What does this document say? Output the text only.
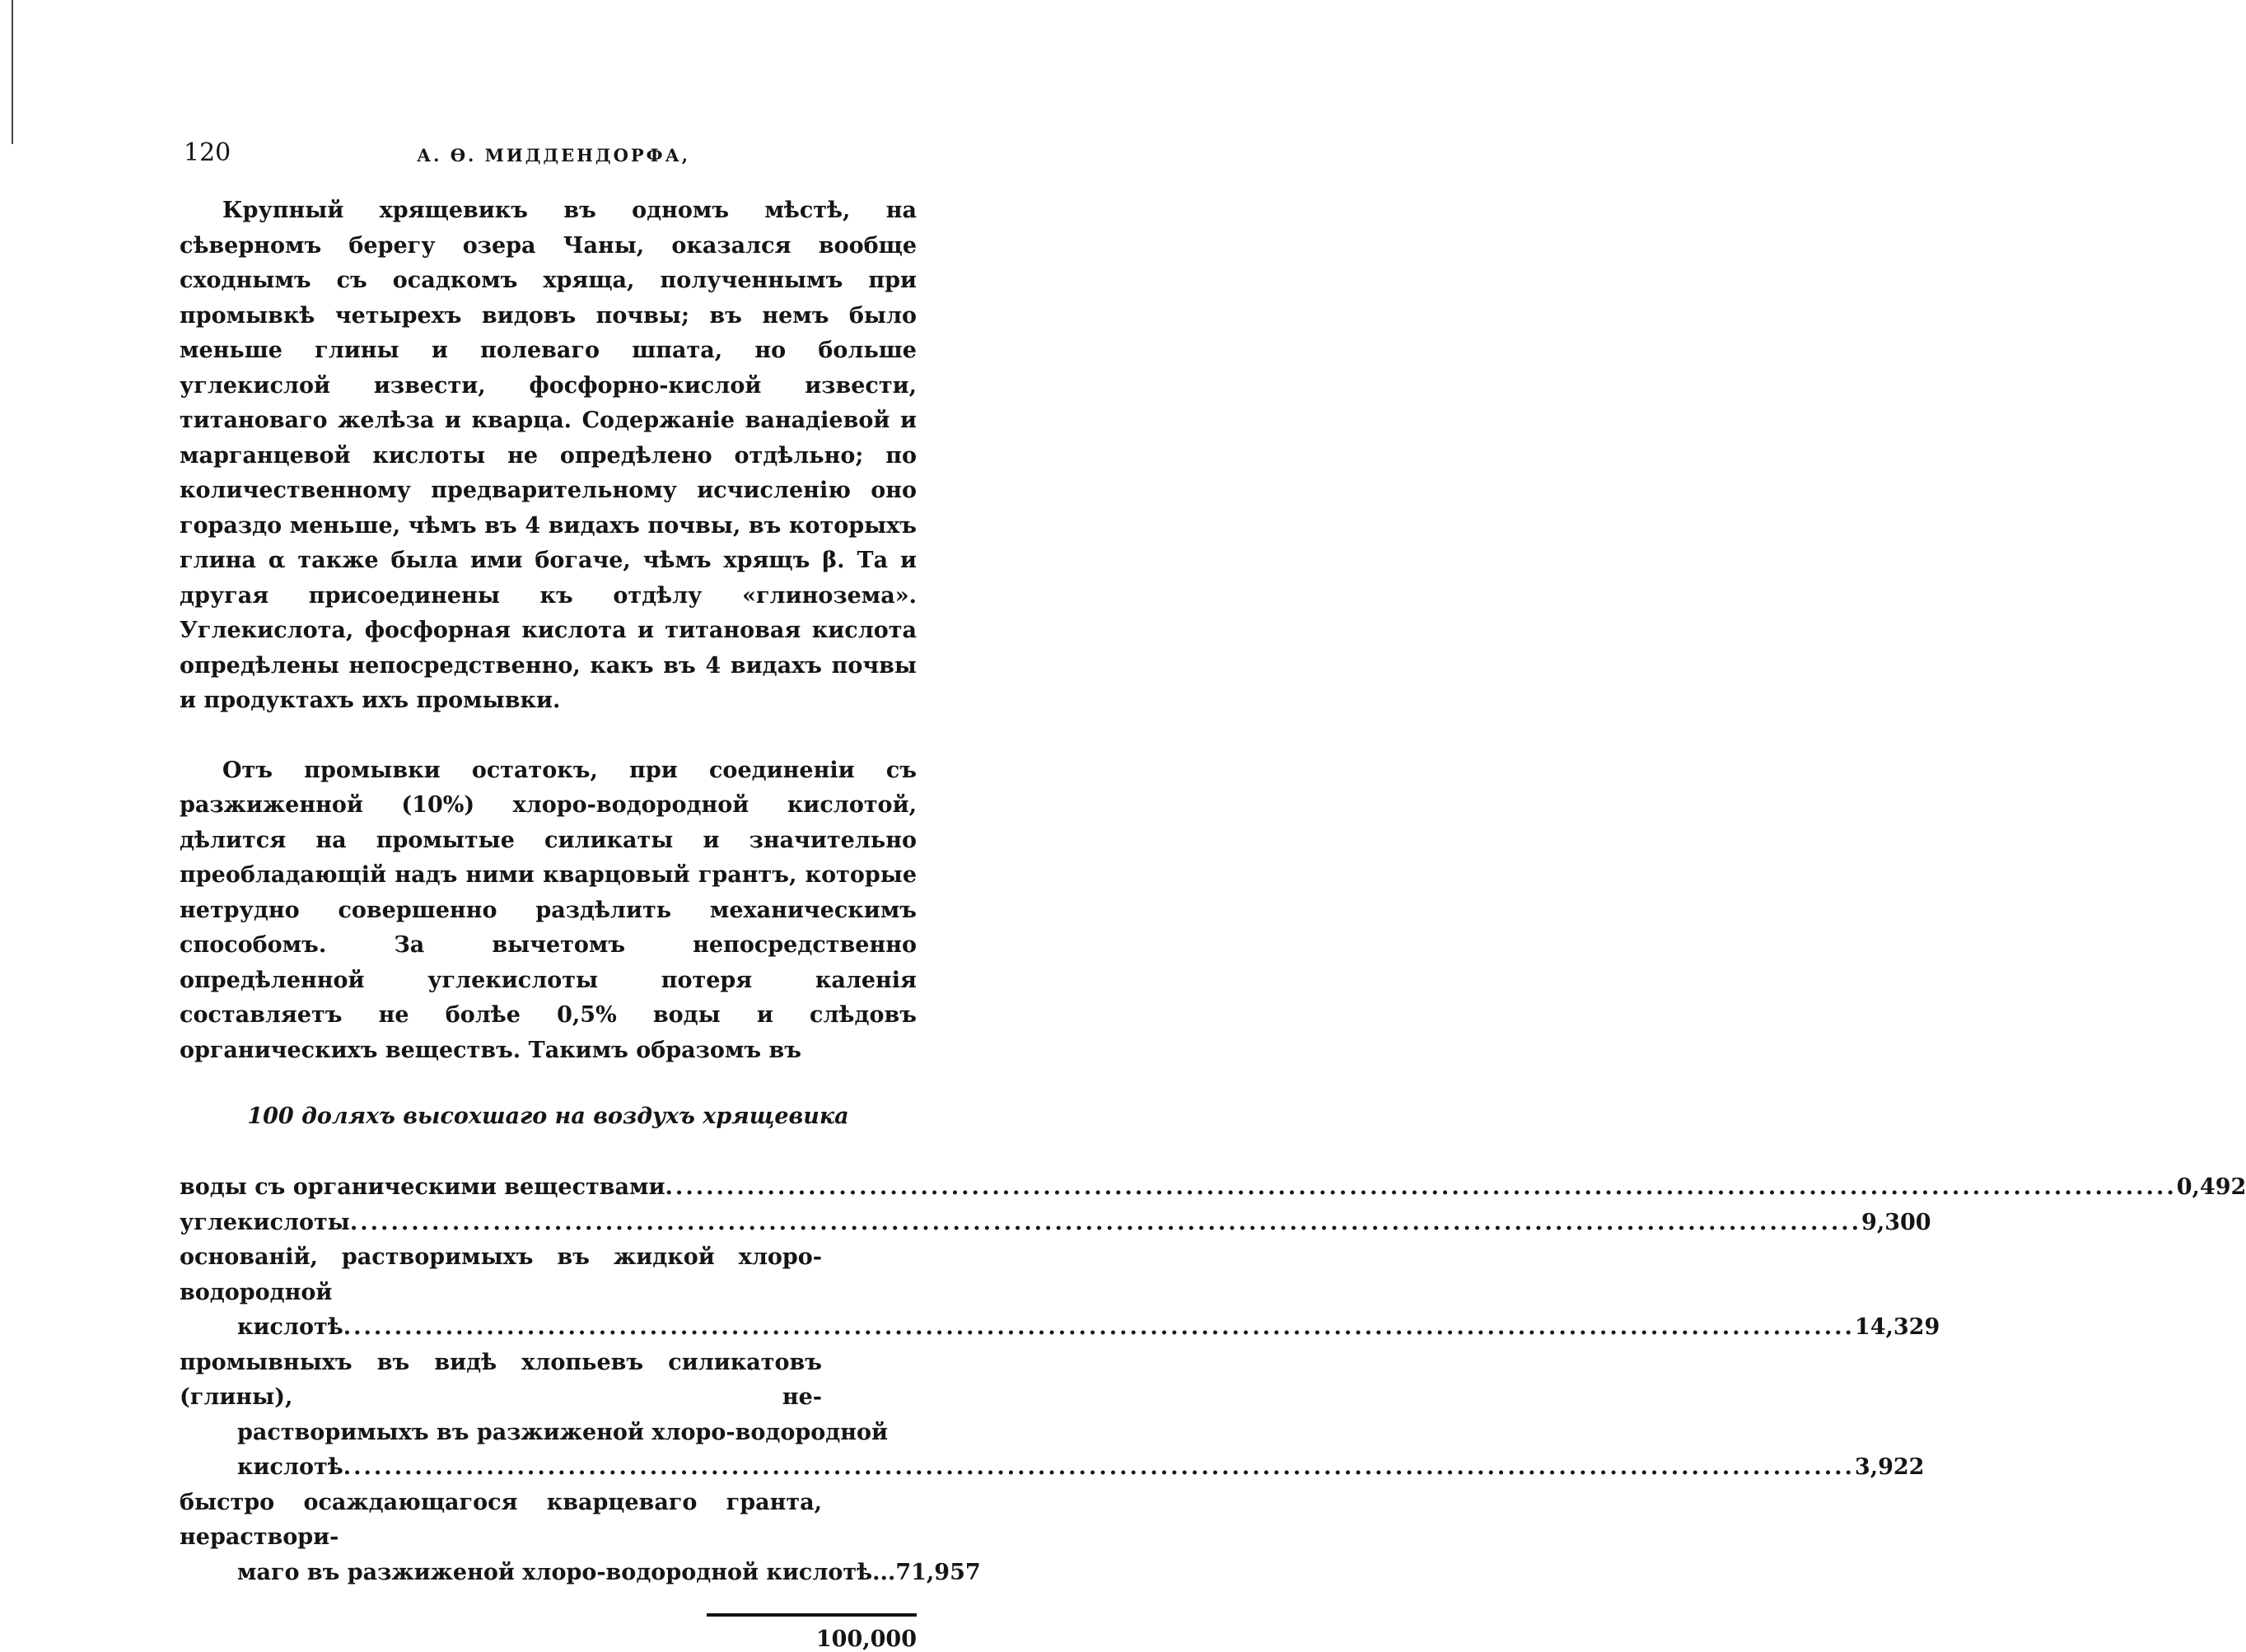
120	А. Ѳ. МИДДЕНДОРФА,

Крупный хрящевикъ въ одномъ мѣстѣ, на сѣверномъ берегу озера Чаны, оказался вообще сходнымъ съ осадкомъ хряща, полученнымъ при промывкѣ четырехъ видовъ почвы; въ немъ было меньше глины и полеваго шпата, но больше углекислой извести, фосфорно-кислой извести, титановаго желѣза и кварца. Содержаніе ванадіевой и марганцевой кислоты не опредѣлено отдѣльно; по количественному предварительному исчисленію оно гораздо меньше, чѣмъ въ 4 видахъ почвы, въ которыхъ глина α также была ими богаче, чѣмъ хрящъ β. Та и другая присоединены къ отдѣлу «глинозема». Углекислота, фосфорная кислота и титановая кислота опредѣлены непосредственно, какъ въ 4 видахъ почвы и продуктахъ ихъ промывки.

Отъ промывки остатокъ, при соединеніи съ разжиженной (10%) хлоро-водородной кислотой, дѣлится на промытые силикаты и значительно преобладающій надъ ними кварцовый грантъ, которые нетрудно совершенно раздѣлить механическимъ способомъ. За вычетомъ непосредственно опредѣленной углекислоты потеря каленія составляетъ не болѣе 0,5% воды и слѣдовъ органическихъ веществъ. Такимъ образомъ въ

100 доляхъ высохшаго на воздухъ хрящевика
воды съ органическими веществами .....	0,492
углекислоты .....	9,300
основаній, растворимыхъ въ жидкой хлоро-водородной
кислотѣ .....	14,329
промывныхъ въ видѣ хлопьевъ силикатовъ (глины), не-
растворимыхъ въ разжиженой хлоро-водородной
кислотѣ .....	3,922
быстро осаждающагося кварцеваго гранта, нераствори-
маго въ разжиженой хлоро-водородной кислотѣ... 71,957
100,000
